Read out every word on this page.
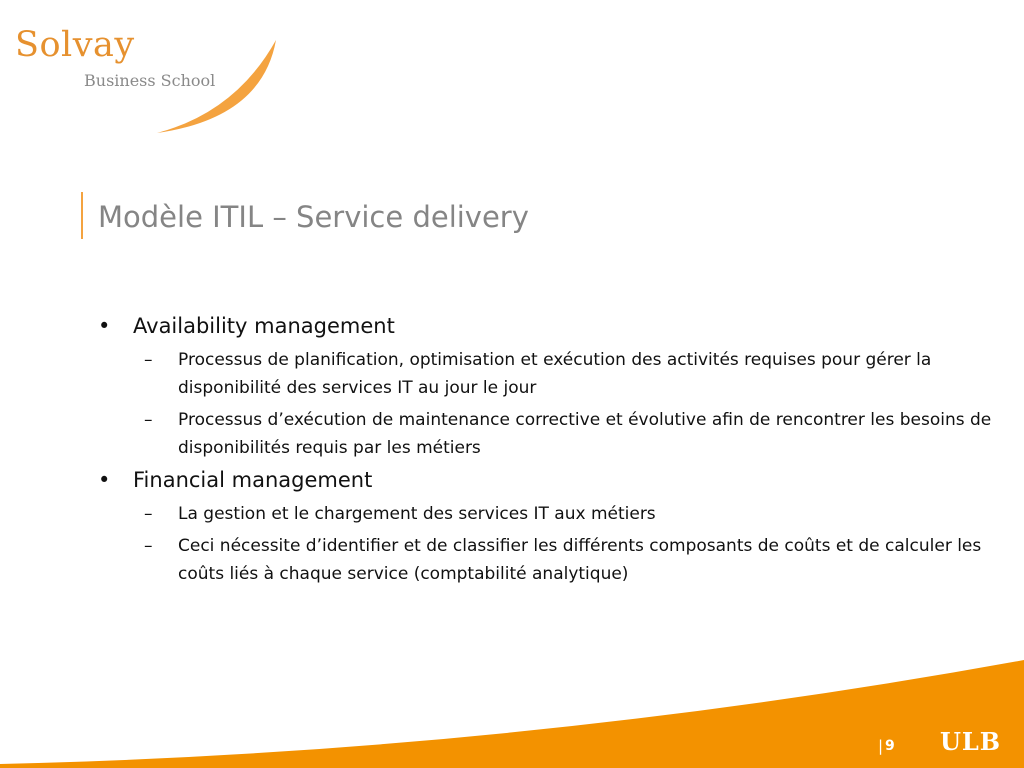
Solvay
Business School
Modèle ITIL – Service delivery
• Availability management
– Processus de planification, optimisation et exécution des activités requises pour gérer la disponibilité des services IT au jour le jour
– Processus d’exécution de maintenance corrective et évolutive afin de rencontrer les besoins de disponibilités requis par les métiers
• Financial management
– La gestion et le chargement des services IT aux métiers
– Ceci nécessite d’identifier et de classifier les différents composants de coûts et de calculer les coûts liés à chaque service (comptabilité analytique)
| 9 ULB
